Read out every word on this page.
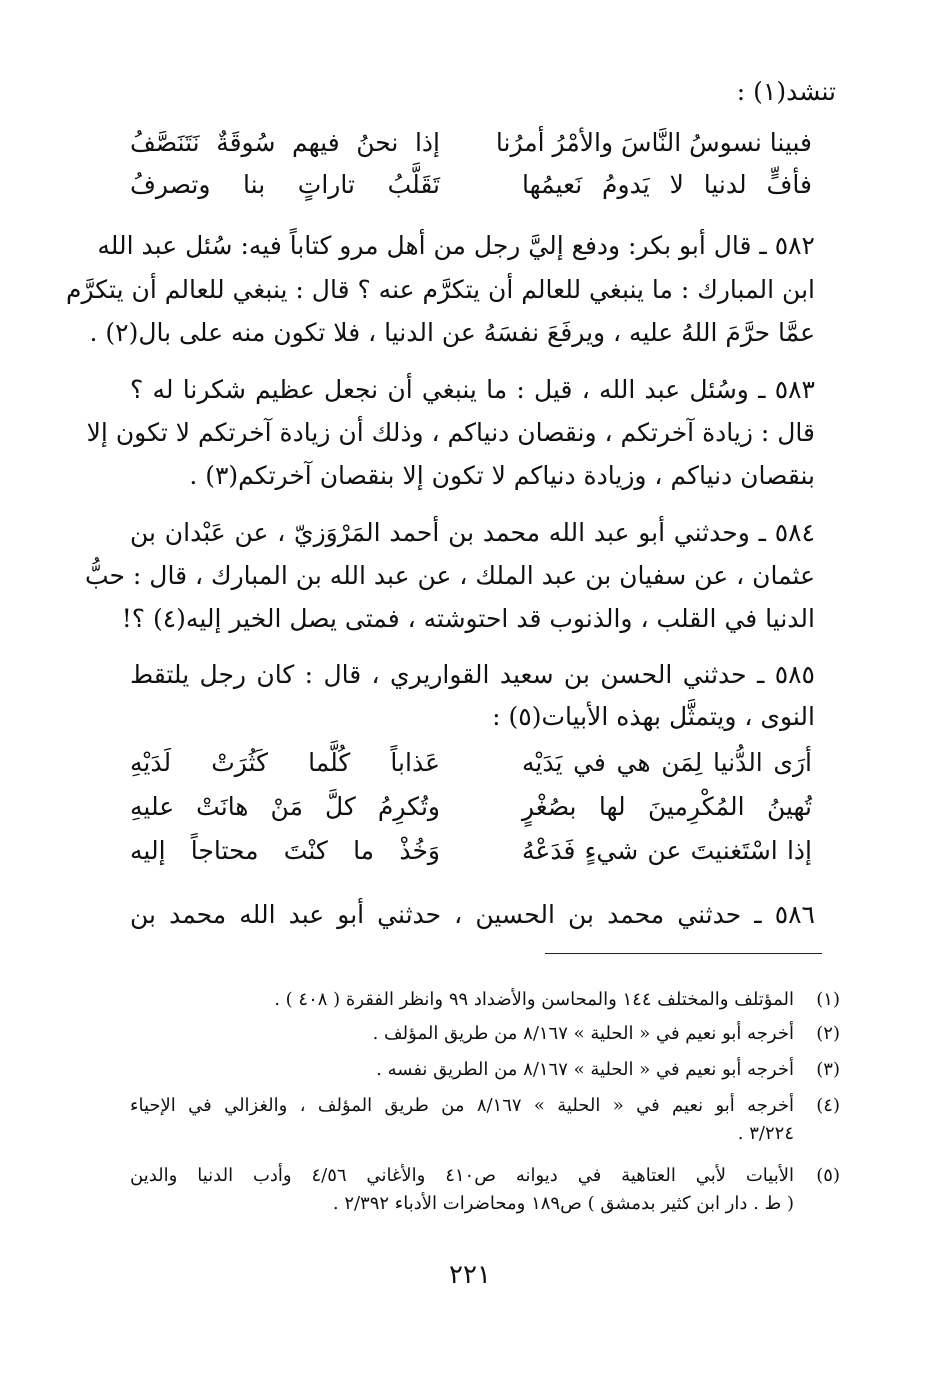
تنشد(١) :
فبينا نسوسُ النَّاسَ والأمْرُ أمرُنا
إذا نحنُ فيهم سُوقَةٌ نَتَنَصَّفُ
فأفٍّ لدنيا لا يَدومُ نَعيمُها
تَقَلَّبُ تاراتٍ بنا وتصرفُ
٥٨٢ ـ قال أبو بكر: ودفع إليَّ رجل من أهل مرو كتاباً فيه: سُئل عبد الله
ابن المبارك : ما ينبغي للعالم أن يتكرَّم عنه ؟ قال : ينبغي للعالم أن يتكرَّم
عمَّا حرَّمَ اللهُ عليه ، ويرفَعَ نفسَهُ عن الدنيا ، فلا تكون منه على بال(٢) .
٥٨٣ ـ وسُئل عبد الله ، قيل : ما ينبغي أن نجعل عظيم شكرنا له ؟
قال : زيادة آخرتكم ، ونقصان دنياكم ، وذلك أن زيادة آخرتكم لا تكون إلا
بنقصان دنياكم ، وزيادة دنياكم لا تكون إلا بنقصان آخرتكم(٣) .
٥٨٤ ـ وحدثني أبو عبد الله محمد بن أحمد المَرْوَزيّ ، عن عَبْدان بن
عثمان ، عن سفيان بن عبد الملك ، عن عبد الله بن المبارك ، قال : حبُّ
الدنيا في القلب ، والذنوب قد احتوشته ، فمتى يصل الخير إليه(٤) ؟!
٥٨٥ ـ حدثني الحسن بن سعيد القواريري ، قال : كان رجل يلتقط
النوى ، ويتمثَّل بهذه الأبيات(٥) :
أرَى الدُّنيا لِمَن هي في يَدَيْه
عَذاباً كُلَّما كَثُرَتْ لَدَيْهِ
تُهينُ المُكْرِمينَ لها بصُغْرٍ
وتُكرِمُ كلَّ مَنْ هانَتْ عليهِ
إذا اسْتَغنيتَ عن شيءٍ فَدَعْهُ
وَخُذْ ما كنْتَ محتاجاً إليه
٥٨٦ ـ حدثني محمد بن الحسين ، حدثني أبو عبد الله محمد بن
(١)
المؤتلف والمختلف ١٤٤ والمحاسن والأضداد ٩٩ وانظر الفقرة ( ٤٠٨ ) .
(٢)
أخرجه أبو نعيم في « الحلية » ٨/١٦٧ من طريق المؤلف .
(٣)
أخرجه أبو نعيم في « الحلية » ٨/١٦٧ من الطريق نفسه .
(٤)
أخرجه أبو نعيم في « الحلية » ٨/١٦٧ من طريق المؤلف ، والغزالي في الإحياء
٣/٢٢٤ .
(٥)
الأبيات لأبي العتاهية في ديوانه ص٤١٠ والأغاني ٤/٥٦ وأدب الدنيا والدين
( ط . دار ابن كثير بدمشق ) ص١٨٩ ومحاضرات الأدباء ٢/٣٩٢ .
٢٢١
